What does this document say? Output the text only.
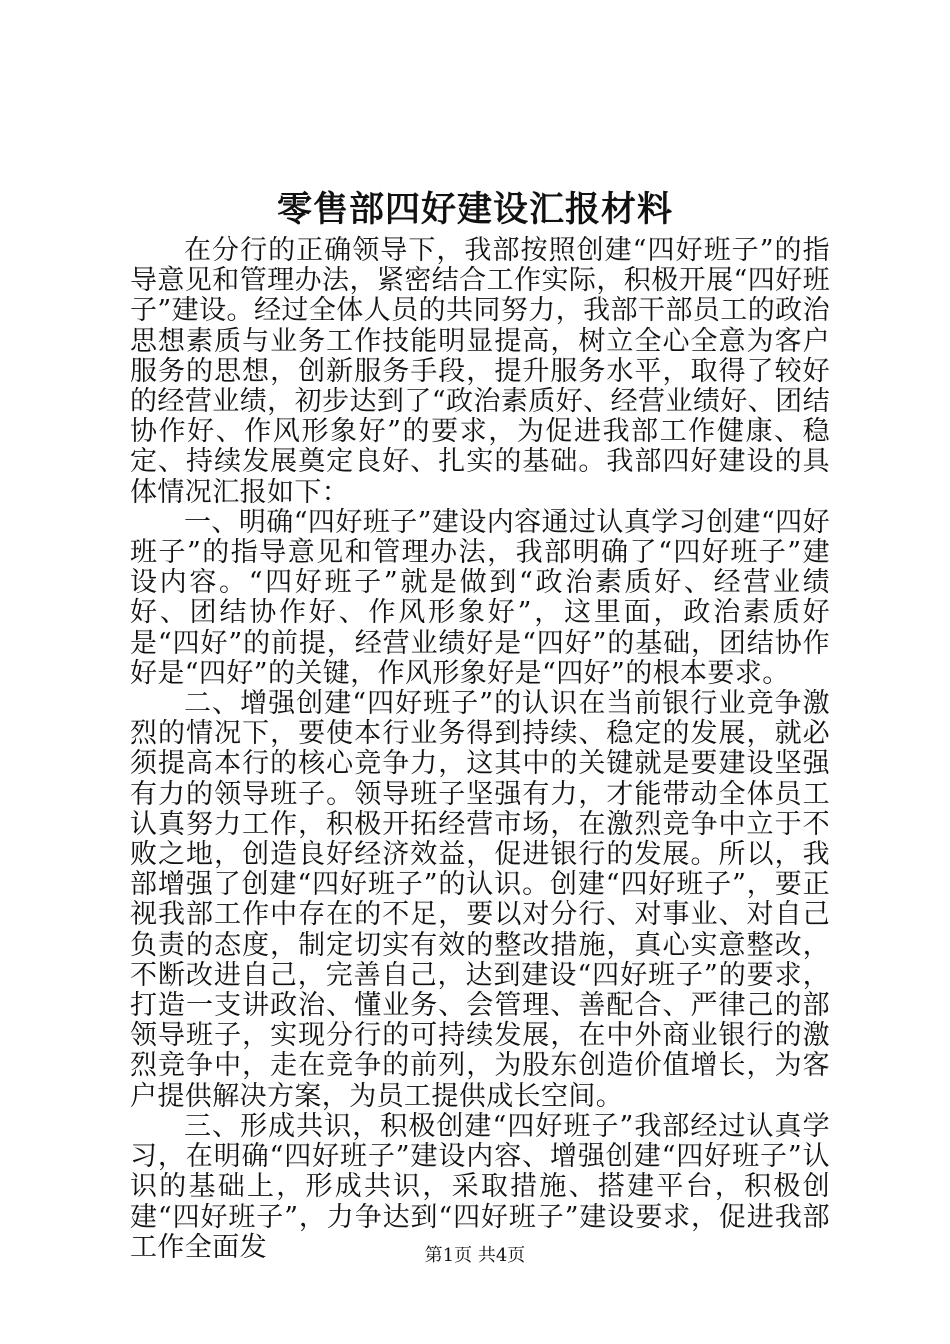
零售部四好建设汇报材料

在分行的正确领导下，我部按照创建“四好班子”的指导意见和管理办法，紧密结合工作实际，积极开展“四好班子”建设。经过全体人员的共同努力，我部干部员工的政治思想素质与业务工作技能明显提高，树立全心全意为客户服务的思想，创新服务手段，提升服务水平，取得了较好的经营业绩，初步达到了“政治素质好、经营业绩好、团结协作好、作风形象好”的要求，为促进我部工作健康、稳定、持续发展奠定良好、扎实的基础。我部四好建设的具体情况汇报如下：

一、明确“四好班子”建设内容通过认真学习创建“四好班子”的指导意见和管理办法，我部明确了“四好班子”建设内容。“四好班子”就是做到“政治素质好、经营业绩好、团结协作好、作风形象好”，这里面，政治素质好是“四好”的前提，经营业绩好是“四好”的基础，团结协作好是“四好”的关键，作风形象好是“四好”的根本要求。

二、增强创建“四好班子”的认识在当前银行业竞争激烈的情况下，要使本行业务得到持续、稳定的发展，就必须提高本行的核心竞争力，这其中的关键就是要建设坚强有力的领导班子。领导班子坚强有力，才能带动全体员工认真努力工作，积极开拓经营市场，在激烈竞争中立于不败之地，创造良好经济效益，促进银行的发展。所以，我部增强了创建“四好班子”的认识。创建“四好班子”，要正视我部工作中存在的不足，要以对分行、对事业、对自己负责的态度，制定切实有效的整改措施，真心实意整改，不断改进自己，完善自己，达到建设“四好班子”的要求，打造一支讲政治、懂业务、会管理、善配合、严律己的部领导班子，实现分行的可持续发展，在中外商业银行的激烈竞争中，走在竞争的前列，为股东创造价值增长，为客户提供解决方案，为员工提供成长空间。

三、形成共识，积极创建“四好班子”我部经过认真学习，在明确“四好班子”建设内容、增强创建“四好班子”认识的基础上，形成共识，采取措施、搭建平台，积极创建“四好班子”，力争达到“四好班子”建设要求，促进我部工作全面发	第1页 共4页
